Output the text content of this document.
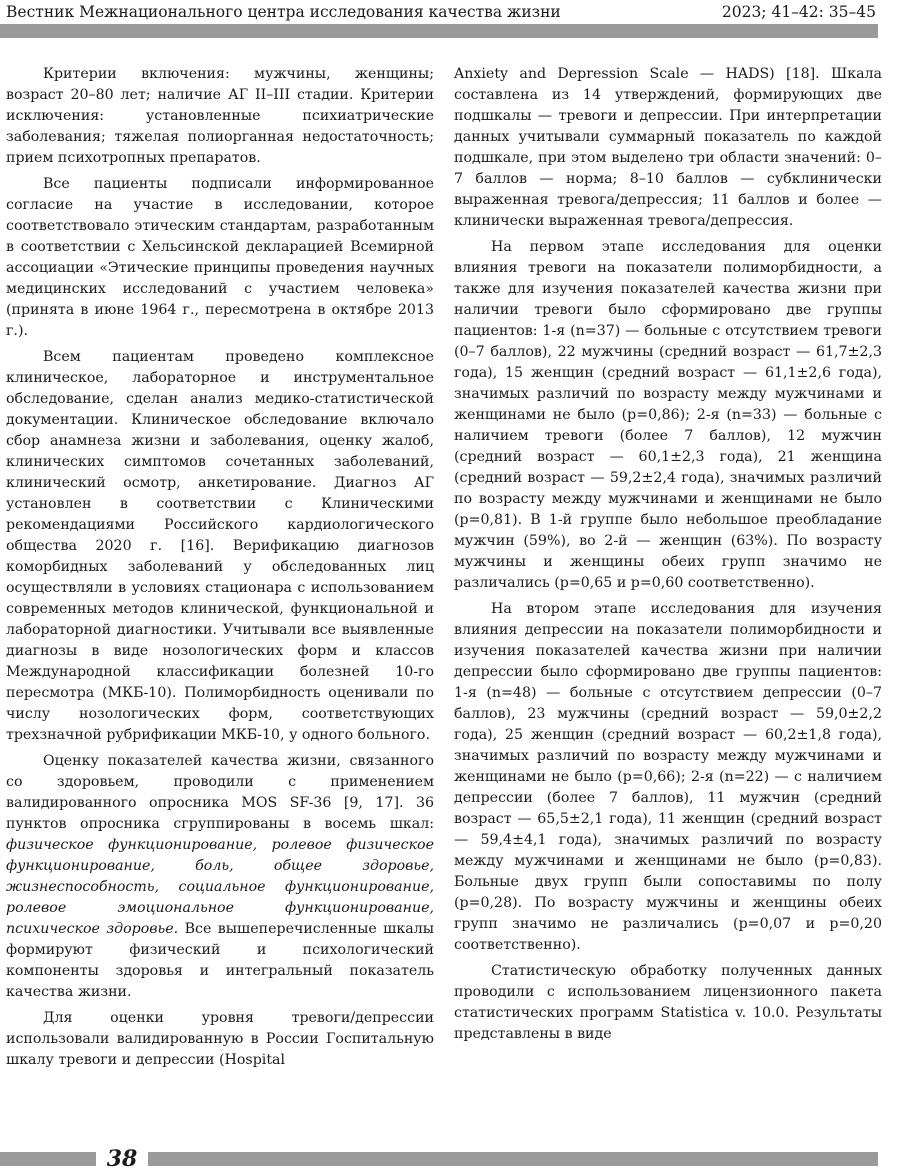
Вестник Межнационального центра исследования качества жизни	2023; 41–42: 35–45

Критерии включения: мужчины, женщины; возраст 20–80 лет; наличие АГ II–III стадии. Критерии исключения: установленные психиатрические заболевания; тяжелая полиорганная недостаточность; прием психотропных препаратов.

Все пациенты подписали информированное согласие на участие в исследовании, которое соответствовало этическим стандартам, разработанным в соответствии с Хельсинской декларацией Всемирной ассоциации «Этические принципы проведения научных медицинских исследований с участием человека» (принята в июне 1964 г., пересмотрена в октябре 2013 г.).

Всем пациентам проведено комплексное клиническое, лабораторное и инструментальное обследование, сделан анализ медико-статистической документации. Клиническое обследование включало сбор анамнеза жизни и заболевания, оценку жалоб, клинических симптомов сочетанных заболеваний, клинический осмотр, анкетирование. Диагноз АГ установлен в соответствии с Клиническими рекомендациями Российского кардиологического общества 2020 г. [16]. Верификацию диагнозов коморбидных заболеваний у обследованных лиц осуществляли в условиях стационара с использованием современных методов клинической, функциональной и лабораторной диагностики. Учитывали все выявленные диагнозы в виде нозологических форм и классов Международной классификации болезней 10-го пересмотра (МКБ-10). Полиморбидность оценивали по числу нозологических форм, соответствующих трехзначной рубрификации МКБ-10, у одного больного.

Оценку показателей качества жизни, связанного со здоровьем, проводили с применением валидированного опросника MOS SF-36 [9, 17]. 36 пунктов опросника сгруппированы в восемь шкал: физическое функционирование, ролевое физическое функционирование, боль, общее здоровье, жизнеспособность, социальное функционирование, ролевое эмоциональное функционирование, психическое здоровье. Все вышеперечисленные шкалы формируют физический и психологический компоненты здоровья и интегральный показатель качества жизни.

Для оценки уровня тревоги/депрессии использовали валидированную в России Госпитальную шкалу тревоги и депрессии (Hospital

Anxiety and Depression Scale — HADS) [18]. Шкала составлена из 14 утверждений, формирующих две подшкалы — тревоги и депрессии. При интерпретации данных учитывали суммарный показатель по каждой подшкале, при этом выделено три области значений: 0–7 баллов — норма; 8–10 баллов — субклинически выраженная тревога/депрессия; 11 баллов и более — клинически выраженная тревога/депрессия.

На первом этапе исследования для оценки влияния тревоги на показатели полиморбидности, а также для изучения показателей качества жизни при наличии тревоги было сформировано две группы пациентов: 1-я (n=37) — больные с отсутствием тревоги (0–7 баллов), 22 мужчины (средний возраст — 61,7±2,3 года), 15 женщин (средний возраст — 61,1±2,6 года), значимых различий по возрасту между мужчинами и женщинами не было (p=0,86); 2-я (n=33) — больные с наличием тревоги (более 7 баллов), 12 мужчин (средний возраст — 60,1±2,3 года), 21 женщина (средний возраст — 59,2±2,4 года), значимых различий по возрасту между мужчинами и женщинами не было (p=0,81). В 1-й группе было небольшое преобладание мужчин (59%), во 2-й — женщин (63%). По возрасту мужчины и женщины обеих групп значимо не различались (p=0,65 и p=0,60 соответственно).

На втором этапе исследования для изучения влияния депрессии на показатели полиморбидности и изучения показателей качества жизни при наличии депрессии было сформировано две группы пациентов: 1-я (n=48) — больные с отсутствием депрессии (0–7 баллов), 23 мужчины (средний возраст — 59,0±2,2 года), 25 женщин (средний возраст — 60,2±1,8 года), значимых различий по возрасту между мужчинами и женщинами не было (p=0,66); 2-я (n=22) — с наличием депрессии (более 7 баллов), 11 мужчин (средний возраст — 65,5±2,1 года), 11 женщин (средний возраст — 59,4±4,1 года), значимых различий по возрасту между мужчинами и женщинами не было (p=0,83). Больные двух групп были сопоставимы по полу (p=0,28). По возрасту мужчины и женщины обеих групп значимо не различались (p=0,07 и p=0,20 соответственно).

Статистическую обработку полученных данных проводили с использованием лицензионного пакета статистических программ Statistica v. 10.0. Результаты представлены в виде

38
